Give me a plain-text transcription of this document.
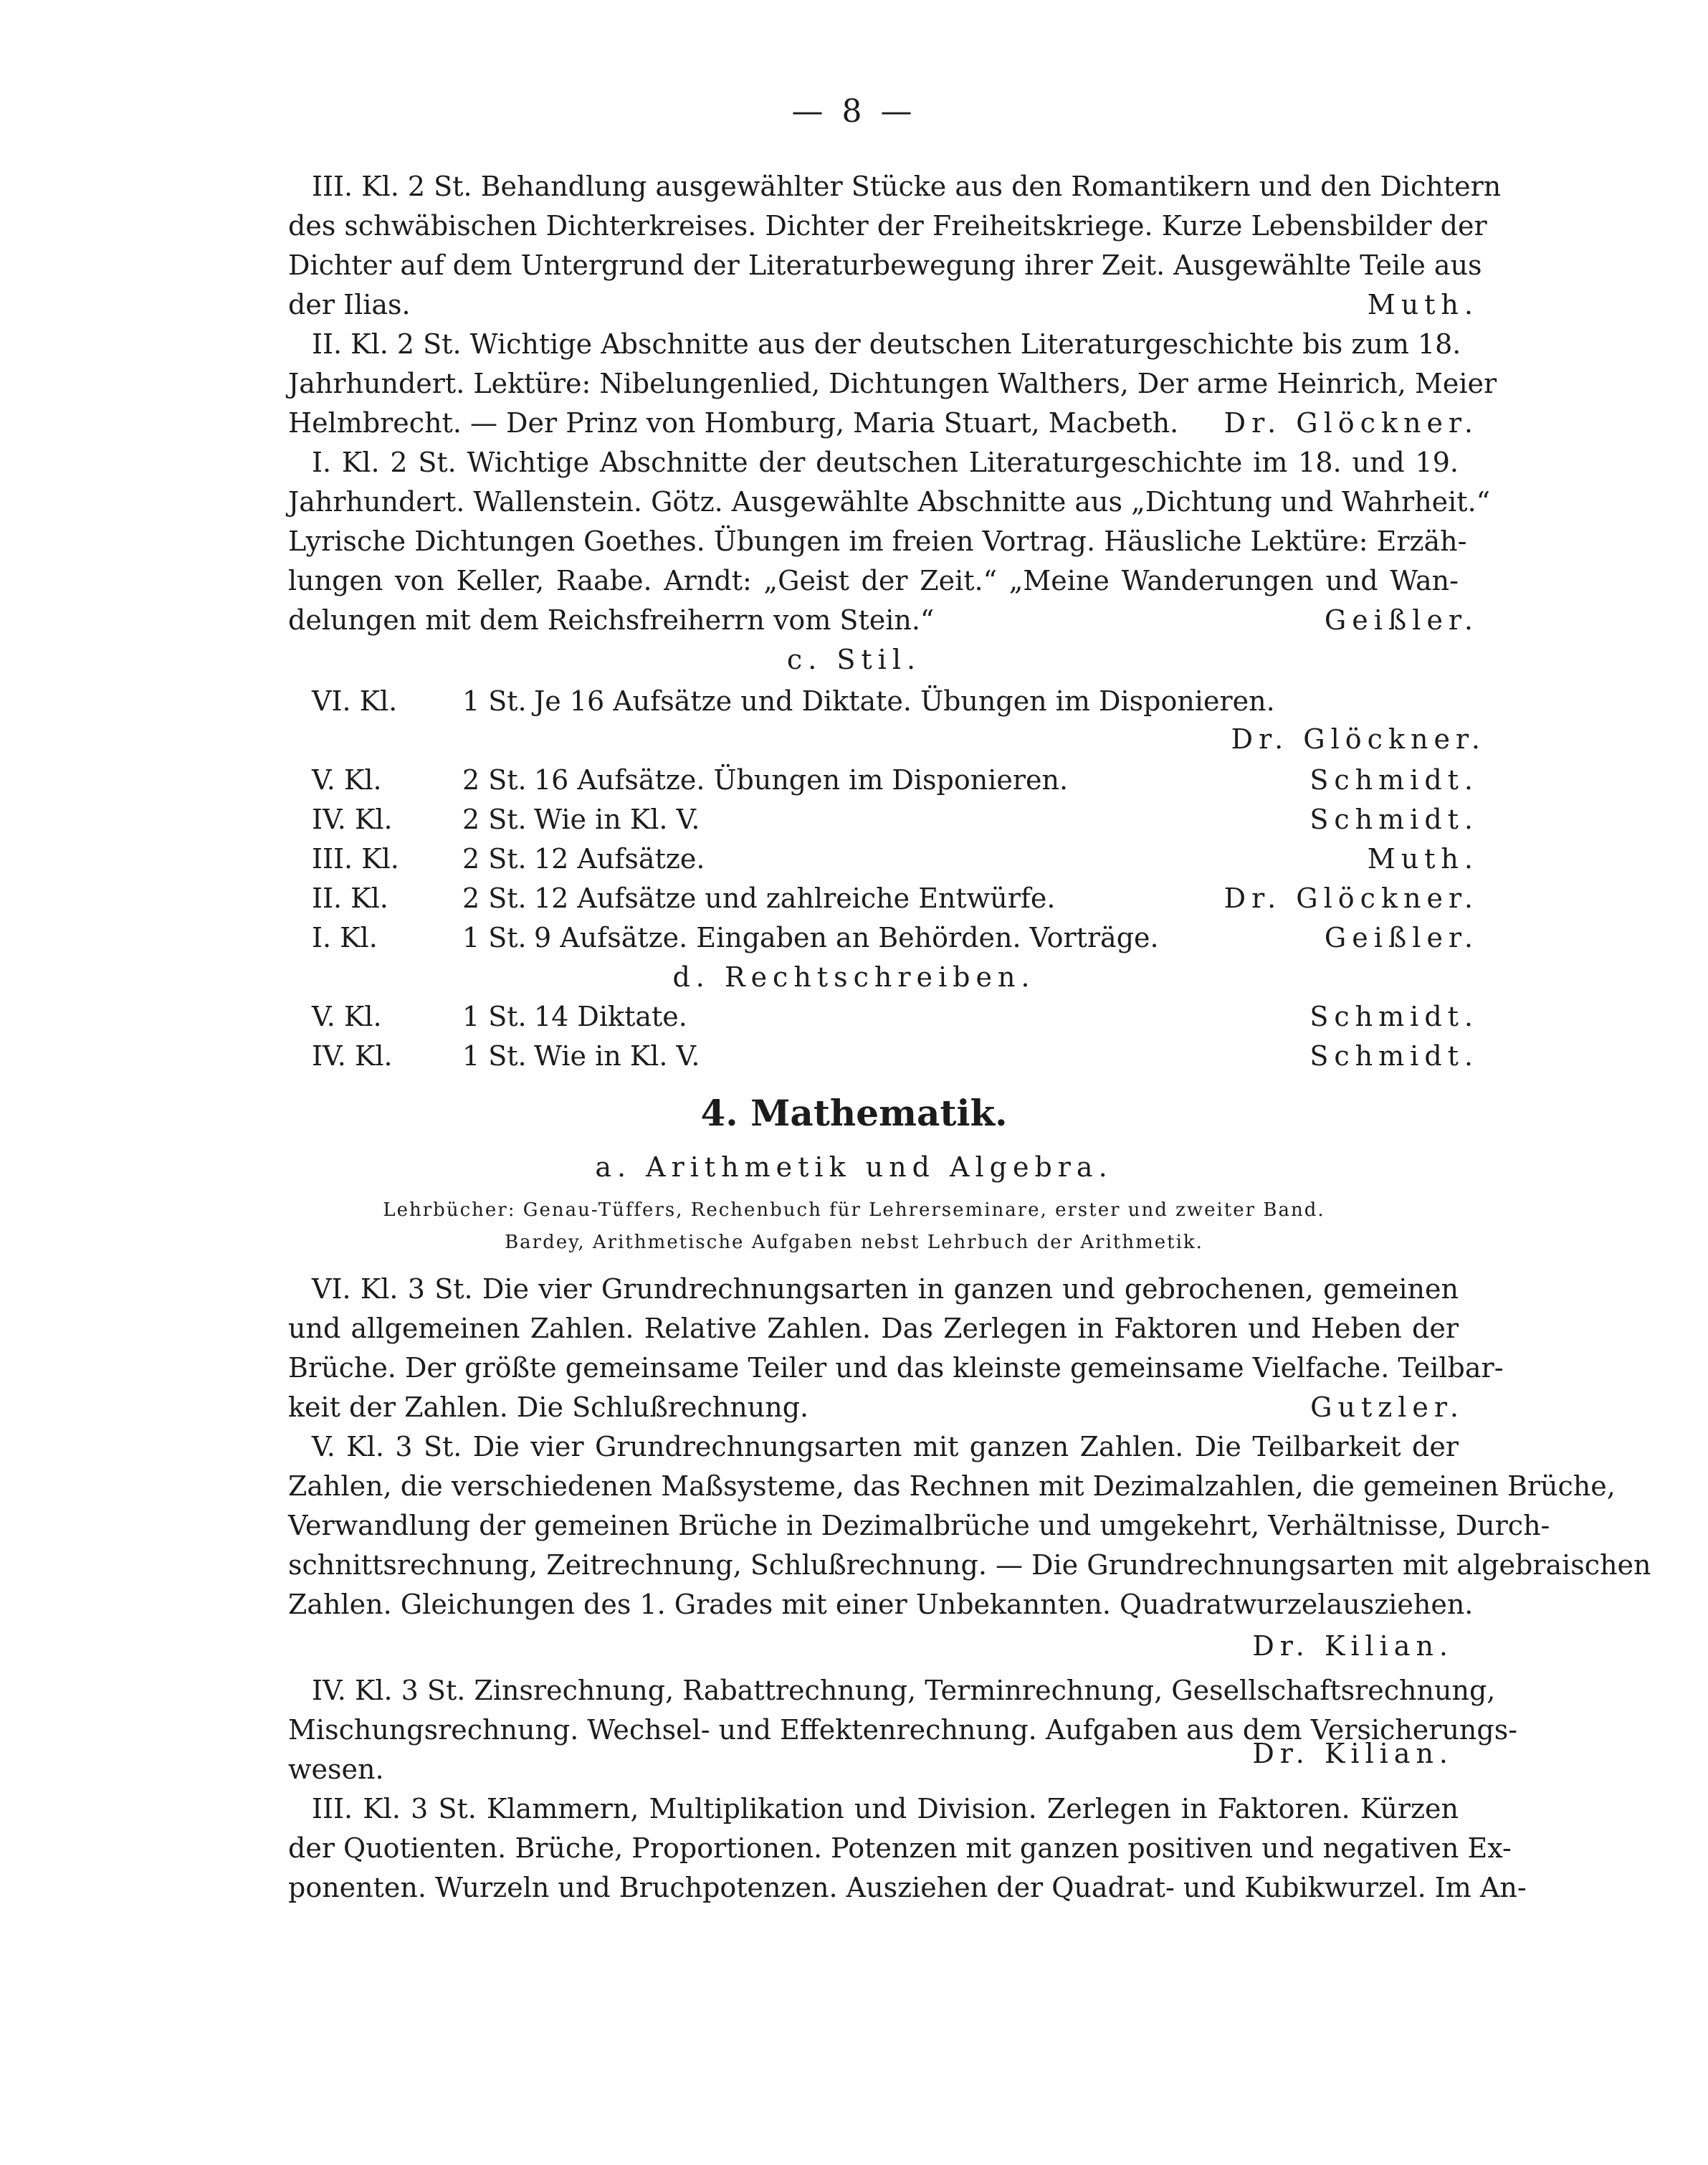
— 8 —
III. Kl. 2 St. Behandlung ausgewählter Stücke aus den Romantikern und den Dichtern
des schwäbischen Dichterkreises. Dichter der Freiheitskriege. Kurze Lebensbilder der
Dichter auf dem Untergrund der Literaturbewegung ihrer Zeit. Ausgewählte Teile aus
der Ilias.	Muth.
II. Kl. 2 St. Wichtige Abschnitte aus der deutschen Literaturgeschichte bis zum 18.
Jahrhundert. Lektüre: Nibelungenlied, Dichtungen Walthers, Der arme Heinrich, Meier
Helmbrecht. — Der Prinz von Homburg, Maria Stuart, Macbeth. Dr. Glöckner.
I. Kl. 2 St. Wichtige Abschnitte der deutschen Literaturgeschichte im 18. und 19.
Jahrhundert. Wallenstein. Götz. Ausgewählte Abschnitte aus „Dichtung und Wahrheit.“
Lyrische Dichtungen Goethes. Übungen im freien Vortrag. Häusliche Lektüre: Erzäh-
lungen von Keller, Raabe. Arndt: „Geist der Zeit.“ „Meine Wanderungen und Wan-
delungen mit dem Reichsfreiherrn vom Stein.“	Geißler.
c. Stil.
VI. Kl. 1 St. Je 16 Aufsätze und Diktate. Übungen im Disponieren.
Dr. Glöckner.
V. Kl.	2 St. 16 Aufsätze. Übungen im Disponieren.	Schmidt.
IV. Kl.	2 St. Wie in Kl. V.	Schmidt.
III. Kl. 2 St. 12 Aufsätze.	Muth.
II. Kl.	2 St. 12 Aufsätze und zahlreiche Entwürfe.	Dr. Glöckner.
I. Kl.	1 St. 9 Aufsätze. Eingaben an Behörden. Vorträge.	Geißler.
d. Rechtschreiben.
V. Kl.	1 St. 14 Diktate.	Schmidt.
IV. Kl.	1 St. Wie in Kl. V.	Schmidt.
4. Mathematik.
a. Arithmetik und Algebra.
Lehrbücher: Genau-Tüffers, Rechenbuch für Lehrerseminare, erster und zweiter Band.
Bardey, Arithmetische Aufgaben nebst Lehrbuch der Arithmetik.
VI. Kl. 3 St. Die vier Grundrechnungsarten in ganzen und gebrochenen, gemeinen
und allgemeinen Zahlen. Relative Zahlen. Das Zerlegen in Faktoren und Heben der
Brüche. Der größte gemeinsame Teiler und das kleinste gemeinsame Vielfache. Teilbar-
keit der Zahlen. Die Schlußrechnung.	Gutzler.
V. Kl. 3 St. Die vier Grundrechnungsarten mit ganzen Zahlen. Die Teilbarkeit der
Zahlen, die verschiedenen Maßsysteme, das Rechnen mit Dezimalzahlen, die gemeinen Brüche,
Verwandlung der gemeinen Brüche in Dezimalbrüche und umgekehrt, Verhältnisse, Durch-
schnittsrechnung, Zeitrechnung, Schlußrechnung. — Die Grundrechnungsarten mit algebraischen
Zahlen. Gleichungen des 1. Grades mit einer Unbekannten. Quadratwurzelausziehen.
Dr. Kilian.
IV. Kl. 3 St. Zinsrechnung, Rabattrechnung, Terminrechnung, Gesellschaftsrechnung,
Mischungsrechnung. Wechsel- und Effektenrechnung. Aufgaben aus dem Versicherungs-
wesen.	Dr. Kilian.
III. Kl. 3 St. Klammern, Multiplikation und Division. Zerlegen in Faktoren. Kürzen
der Quotienten. Brüche, Proportionen. Potenzen mit ganzen positiven und negativen Ex-
ponenten. Wurzeln und Bruchpotenzen. Ausziehen der Quadrat- und Kubikwurzel. Im An-
